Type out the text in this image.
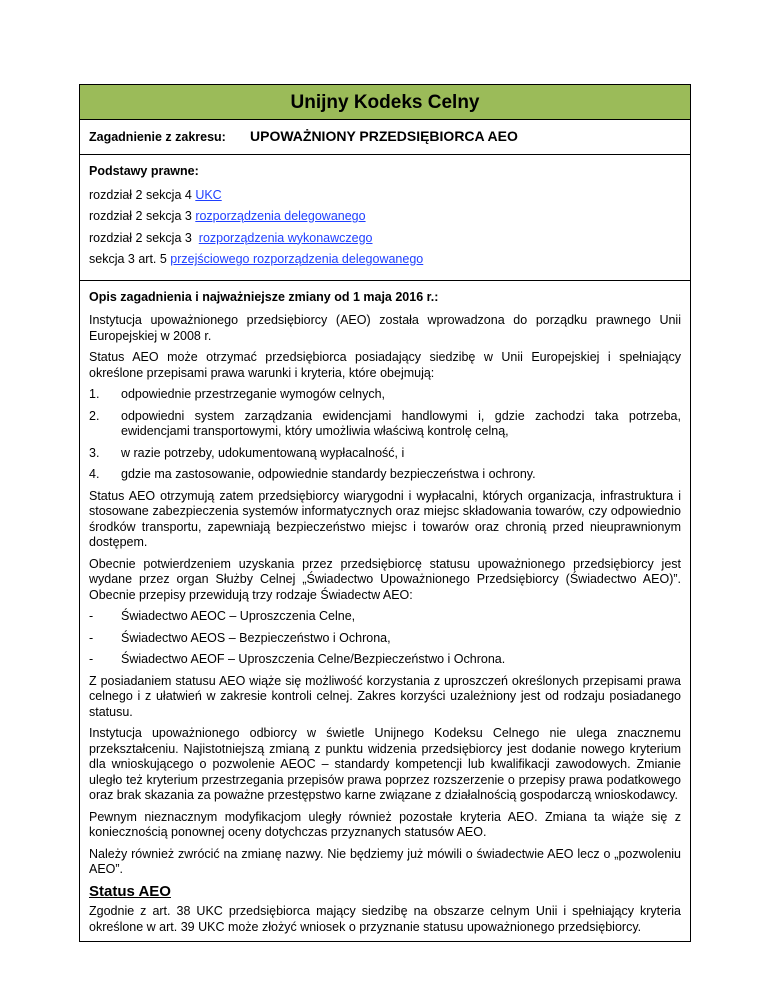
Unijny Kodeks Celny
Zagadnienie z zakresu: UPOWAŻNIONY PRZEDSIĘBIORCA AEO

Podstawy prawne:

rozdział 2 sekcja 4 UKC

rozdział 2 sekcja 3 rozporządzenia delegowanego

rozdział 2 sekcja 3  rozporządzenia wykonawczego

sekcja 3 art. 5 przejściowego rozporządzenia delegowanego

Opis zagadnienia i najważniejsze zmiany od 1 maja 2016 r.:

Instytucja upoważnionego przedsiębiorcy (AEO) została wprowadzona do porządku prawnego Unii Europejskiej w 2008 r.

Status AEO może otrzymać przedsiębiorca posiadający siedzibę w Unii Europejskiej i spełniający określone przepisami prawa warunki i kryteria, które obejmują:

1.	odpowiednie przestrzeganie wymogów celnych,
2.	odpowiedni system zarządzania ewidencjami handlowymi i, gdzie zachodzi taka potrzeba, ewidencjami transportowymi, który umożliwia właściwą kontrolę celną,
3.	w razie potrzeby, udokumentowaną wypłacalność, i
4.	gdzie ma zastosowanie, odpowiednie standardy bezpieczeństwa i ochrony.

Status AEO otrzymują zatem przedsiębiorcy wiarygodni i wypłacalni, których organizacja, infrastruktura i stosowane zabezpieczenia systemów informatycznych oraz miejsc składowania towarów, czy odpowiednio środków transportu, zapewniają bezpieczeństwo miejsc i towarów oraz chronią przed nieuprawnionym dostępem.

Obecnie potwierdzeniem uzyskania przez przedsiębiorcę statusu upoważnionego przedsiębiorcy jest wydane przez organ Służby Celnej „Świadectwo Upoważnionego Przedsiębiorcy (Świadectwo AEO)”. Obecnie przepisy przewidują trzy rodzaje Świadectw AEO:

-	Świadectwo AEOC – Uproszczenia Celne,
-	Świadectwo AEOS – Bezpieczeństwo i Ochrona,
-	Świadectwo AEOF – Uproszczenia Celne/Bezpieczeństwo i Ochrona.

Z posiadaniem statusu AEO wiąże się możliwość korzystania z uproszczeń określonych przepisami prawa celnego i z ułatwień w zakresie kontroli celnej. Zakres korzyści uzależniony jest od rodzaju posiadanego statusu.

Instytucja upoważnionego odbiorcy w świetle Unijnego Kodeksu Celnego nie ulega znacznemu przekształceniu. Najistotniejszą zmianą z punktu widzenia przedsiębiorcy jest dodanie nowego kryterium dla wnioskującego o pozwolenie AEOC – standardy kompetencji lub kwalifikacji zawodowych. Zmianie uległo też kryterium przestrzegania przepisów prawa poprzez rozszerzenie o przepisy prawa podatkowego oraz brak skazania za poważne przestępstwo karne związane z działalnością gospodarczą wnioskodawcy.

Pewnym nieznacznym modyfikacjom uległy również pozostałe kryteria AEO. Zmiana ta wiąże się z koniecznością ponownej oceny dotychczas przyznanych statusów AEO.

Należy również zwrócić na zmianę nazwy. Nie będziemy już mówili o świadectwie AEO lecz o „pozwoleniu AEO”.

Status AEO

Zgodnie z art. 38 UKC przedsiębiorca mający siedzibę na obszarze celnym Unii i spełniający kryteria określone w art. 39 UKC może złożyć wniosek o przyznanie statusu upoważnionego przedsiębiorcy.
